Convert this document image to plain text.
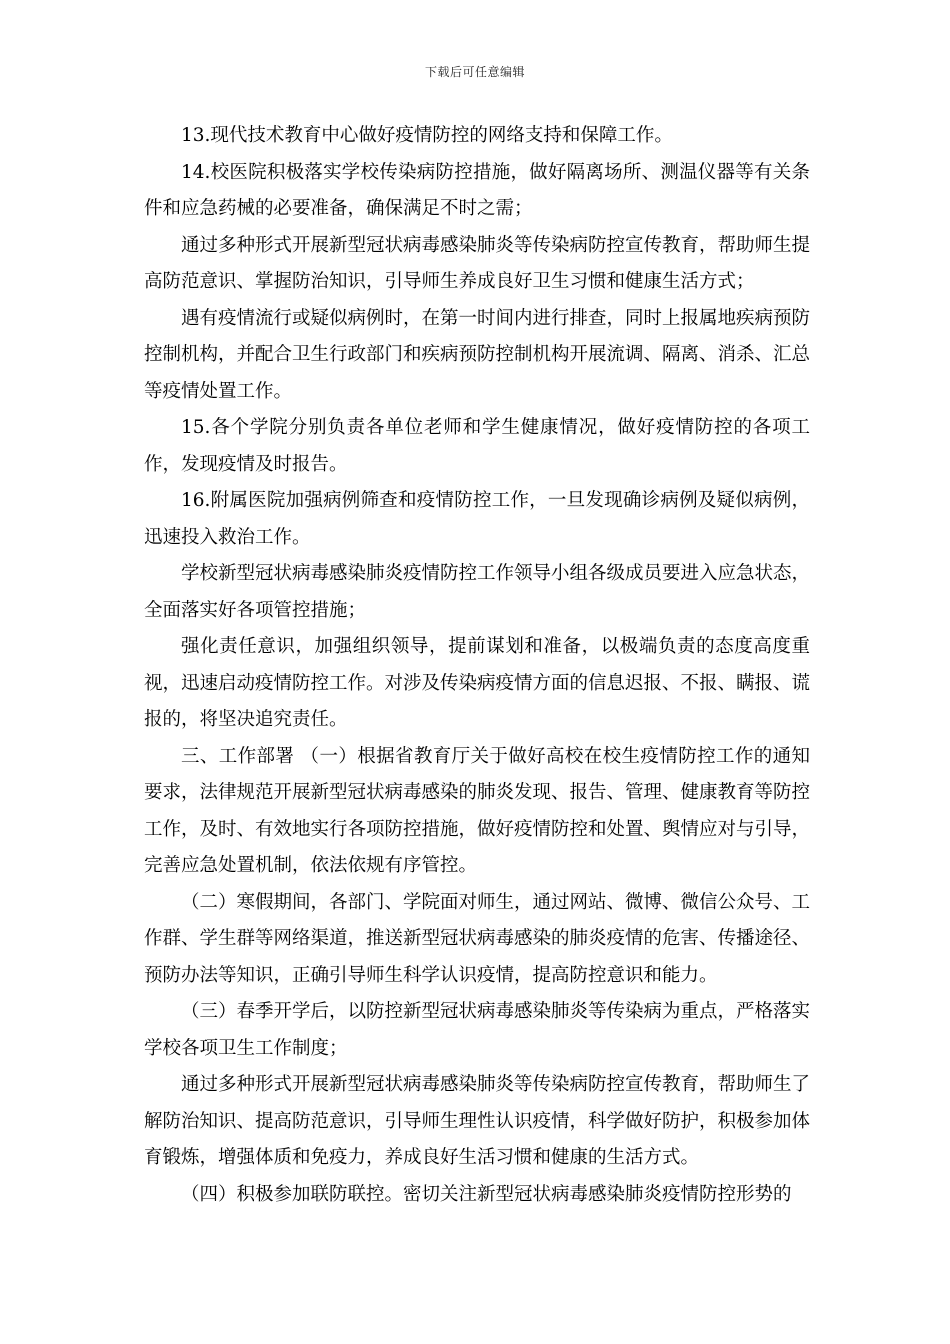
下载后可任意编辑

13.现代技术教育中心做好疫情防控的网络支持和保障工作。

14.校医院积极落实学校传染病防控措施，做好隔离场所、测温仪器等有关条件和应急药械的必要准备，确保满足不时之需；

通过多种形式开展新型冠状病毒感染肺炎等传染病防控宣传教育，帮助师生提高防范意识、掌握防治知识，引导师生养成良好卫生习惯和健康生活方式；

遇有疫情流行或疑似病例时，在第一时间内进行排查，同时上报属地疾病预防控制机构，并配合卫生行政部门和疾病预防控制机构开展流调、隔离、消杀、汇总等疫情处置工作。

15.各个学院分别负责各单位老师和学生健康情况，做好疫情防控的各项工作，发现疫情及时报告。

16.附属医院加强病例筛查和疫情防控工作，一旦发现确诊病例及疑似病例，迅速投入救治工作。

学校新型冠状病毒感染肺炎疫情防控工作领导小组各级成员要进入应急状态，全面落实好各项管控措施；

强化责任意识，加强组织领导，提前谋划和准备，以极端负责的态度高度重视，迅速启动疫情防控工作。对涉及传染病疫情方面的信息迟报、不报、瞒报、谎报的，将坚决追究责任。

三、工作部署 （一）根据省教育厅关于做好高校在校生疫情防控工作的通知要求，法律规范开展新型冠状病毒感染的肺炎发现、报告、管理、健康教育等防控工作，及时、有效地实行各项防控措施，做好疫情防控和处置、舆情应对与引导，完善应急处置机制，依法依规有序管控。

（二）寒假期间，各部门、学院面对师生，通过网站、微博、微信公众号、工作群、学生群等网络渠道，推送新型冠状病毒感染的肺炎疫情的危害、传播途径、预防办法等知识，正确引导师生科学认识疫情，提高防控意识和能力。

（三）春季开学后，以防控新型冠状病毒感染肺炎等传染病为重点，严格落实学校各项卫生工作制度；

通过多种形式开展新型冠状病毒感染肺炎等传染病防控宣传教育，帮助师生了解防治知识、提高防范意识，引导师生理性认识疫情，科学做好防护，积极参加体育锻炼，增强体质和免疫力，养成良好生活习惯和健康的生活方式。

（四）积极参加联防联控。密切关注新型冠状病毒感染肺炎疫情防控形势的
